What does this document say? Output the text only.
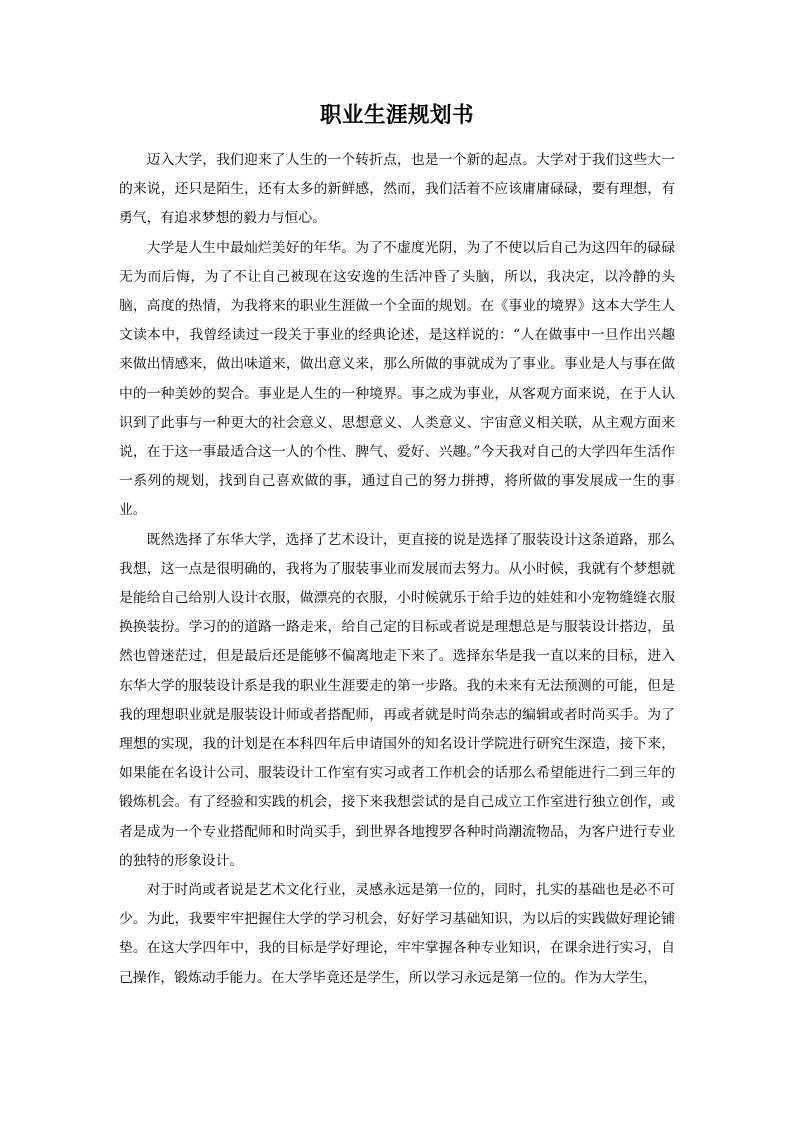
职业生涯规划书

迈入大学，我们迎来了人生的一个转折点，也是一个新的起点。大学对于我们这些大一的来说，还只是陌生，还有太多的新鲜感，然而，我们活着不应该庸庸碌碌，要有理想，有勇气，有追求梦想的毅力与恒心。

大学是人生中最灿烂美好的年华。为了不虚度光阴，为了不使以后自己为这四年的碌碌无为而后悔，为了不让自己被现在这安逸的生活冲昏了头脑，所以，我决定，以冷静的头脑，高度的热情，为我将来的职业生涯做一个全面的规划。在《事业的境界》这本大学生人文读本中，我曾经读过一段关于事业的经典论述，是这样说的：“人在做事中一旦作出兴趣来做出情感来，做出味道来，做出意义来，那么所做的事就成为了事业。事业是人与事在做中的一种美妙的契合。事业是人生的一种境界。事之成为事业，从客观方面来说，在于人认识到了此事与一种更大的社会意义、思想意义、人类意义、宇宙意义相关联，从主观方面来说，在于这一事最适合这一人的个性、脾气、爱好、兴趣。”今天我对自己的大学四年生活作一系列的规划，找到自己喜欢做的事，通过自己的努力拼搏，将所做的事发展成一生的事业。

既然选择了东华大学，选择了艺术设计，更直接的说是选择了服装设计这条道路，那么我想，这一点是很明确的，我将为了服装事业而发展而去努力。从小时候，我就有个梦想就是能给自己给别人设计衣服，做漂亮的衣服，小时候就乐于给手边的娃娃和小宠物缝缝衣服换换装扮。学习的的道路一路走来，给自己定的目标或者说是理想总是与服装设计搭边，虽然也曾迷茫过，但是最后还是能够不偏离地走下来了。选择东华是我一直以来的目标，进入东华大学的服装设计系是我的职业生涯要走的第一步路。我的未来有无法预测的可能，但是我的理想职业就是服装设计师或者搭配师，再或者就是时尚杂志的编辑或者时尚买手。为了理想的实现，我的计划是在本科四年后申请国外的知名设计学院进行研究生深造，接下来，如果能在名设计公司、服装设计工作室有实习或者工作机会的话那么希望能进行二到三年的锻炼机会。有了经验和实践的机会，接下来我想尝试的是自己成立工作室进行独立创作，或者是成为一个专业搭配师和时尚买手，到世界各地搜罗各种时尚潮流物品，为客户进行专业的独特的形象设计。

对于时尚或者说是艺术文化行业，灵感永远是第一位的，同时，扎实的基础也是必不可少。为此，我要牢牢把握住大学的学习机会，好好学习基础知识，为以后的实践做好理论铺垫。在这大学四年中，我的目标是学好理论，牢牢掌握各种专业知识，在课余进行实习，自己操作，锻炼动手能力。在大学毕竟还是学生，所以学习永远是第一位的。作为大学生，
